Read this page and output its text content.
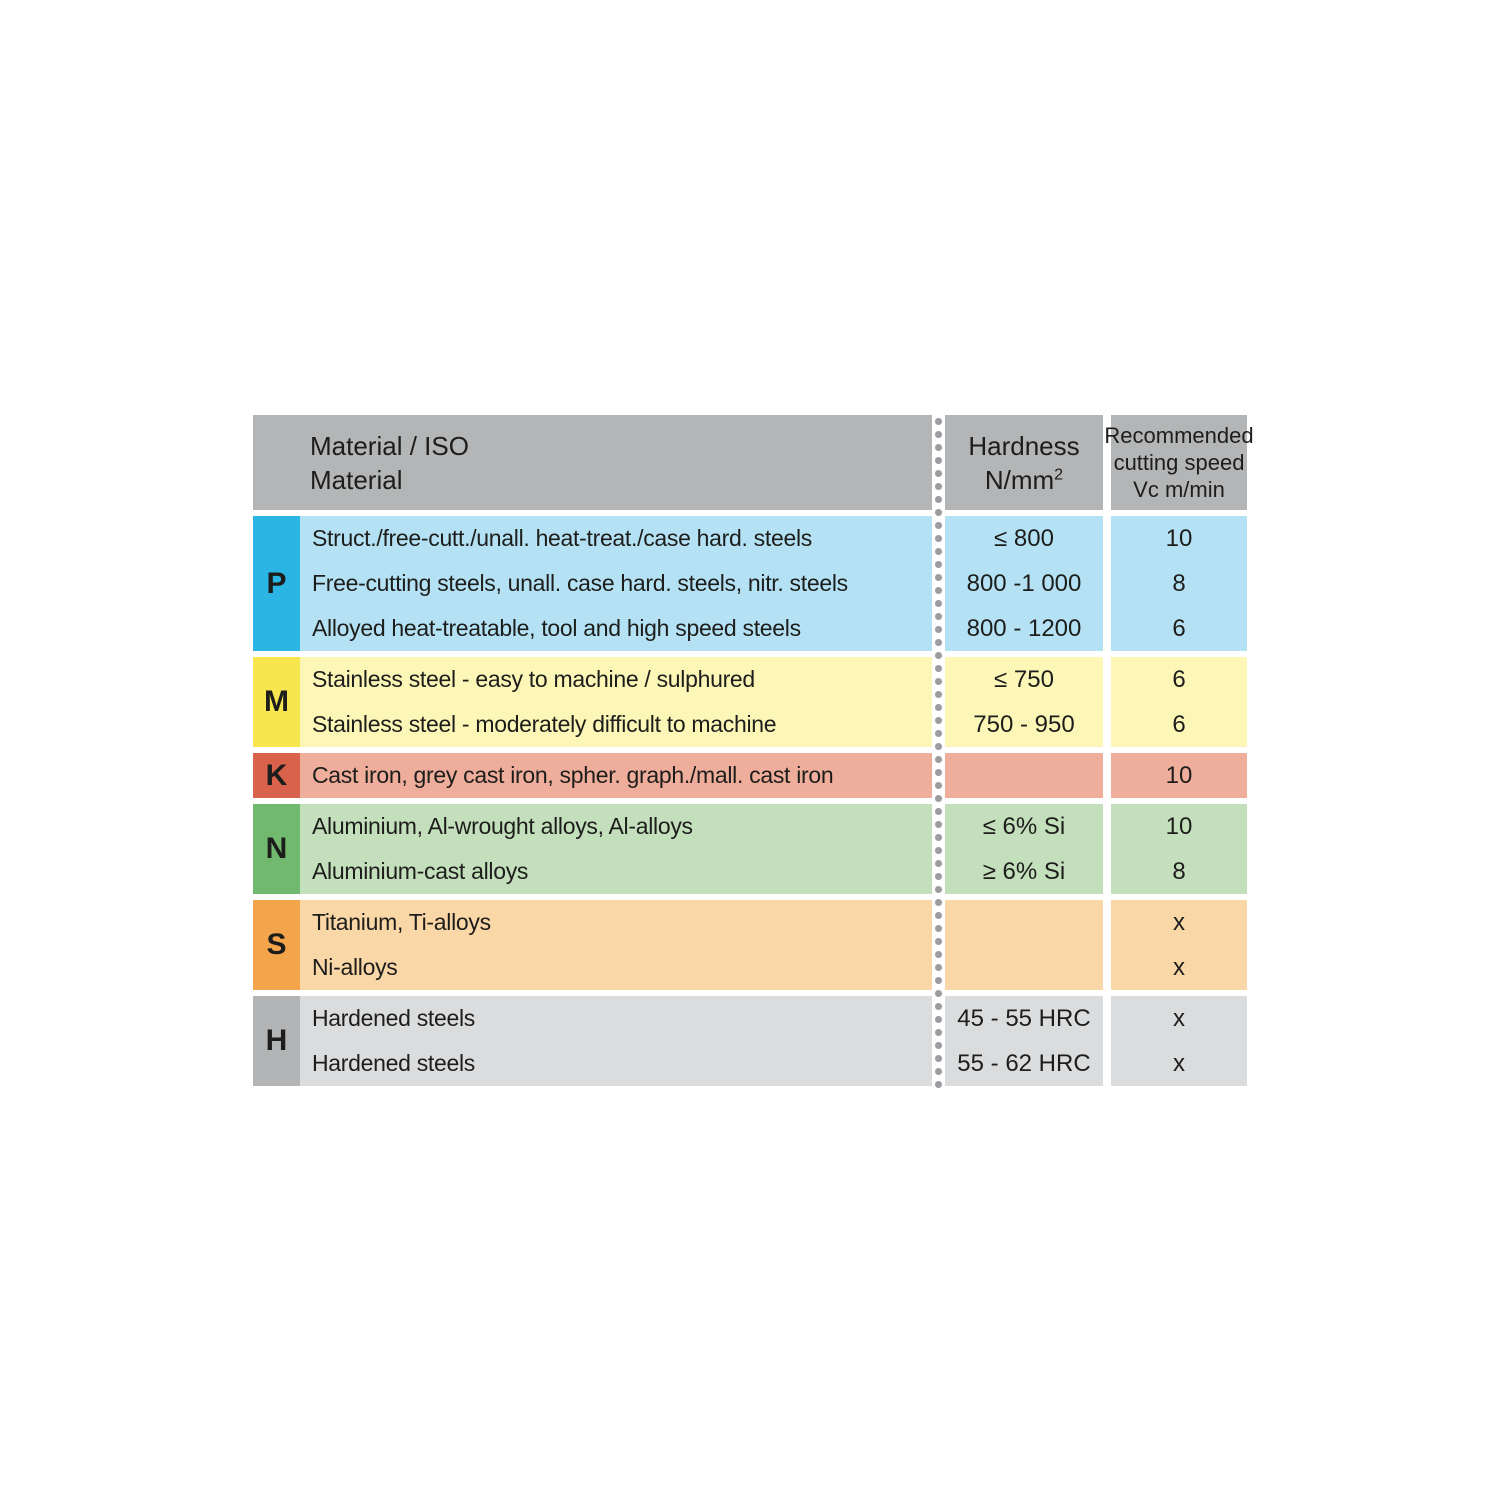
Material / ISO
Material
Hardness
$N/mm^2$
Recommended
cutting speed
Vc m/min
P
Struct./free-cutt./unall. heat-treat./case hard. steels
Free-cutting steels, unall. case hard. steels, nitr. steels
Alloyed heat-treatable, tool and high speed steels
≤ 800
800 -1 000
800 - 1200
10
8
6
M
Stainless steel - easy to machine / sulphured
Stainless steel - moderately difficult to machine
≤ 750
750 - 950
6
6
K	Cast iron, grey cast iron, spher. graph./mall. cast iron	10
N
Aluminium, Al-wrought alloys, Al-alloys
Aluminium-cast alloys
≤ 6% Si
≥ 6% Si
10
8
S
Titanium, Ti-alloys
Ni-alloys
x
x
H
Hardened steels
Hardened steels
45 - 55 HRC
55 - 62 HRC
x
x
